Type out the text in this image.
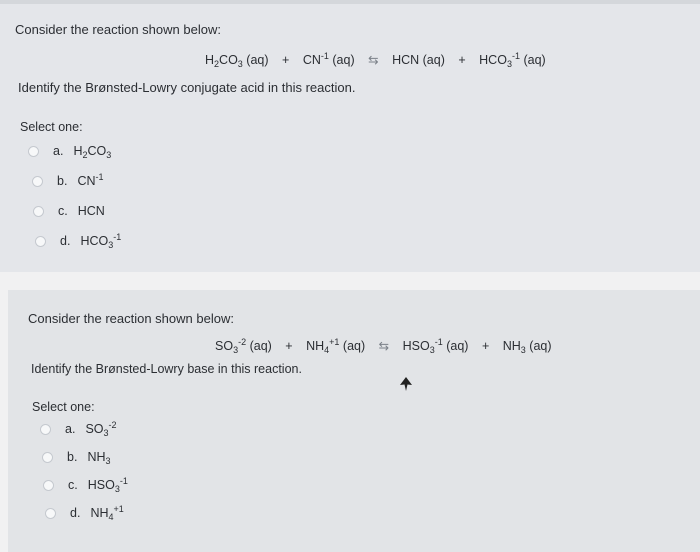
Consider the reaction shown below:
$H_2CO_3$ $(aq) + CN^{-1}$ (aq) ⇆ HCN $(aq) + HCO_3^{-1}$ (aq)
Identify the Brønsted-Lowry conjugate acid in this reaction.
Select one:
a. $H_2CO_3$
b. $CN^{-1}$
c. HCN
d. $HCO_3^{-1}$
Consider the reaction shown below:
$SO_3^{-2}$ $(aq) + NH_4^{+1}$ (aq) ⇆ $HSO_3^{-1}$ $(aq) + NH_3$ (aq)
Identify the Brønsted-Lowry base in this reaction.
Select one:
a. $SO_3^{-2}$
b. $NH_3$
c. $HSO_3^{-1}$
d. $NH_4^{+1}$
